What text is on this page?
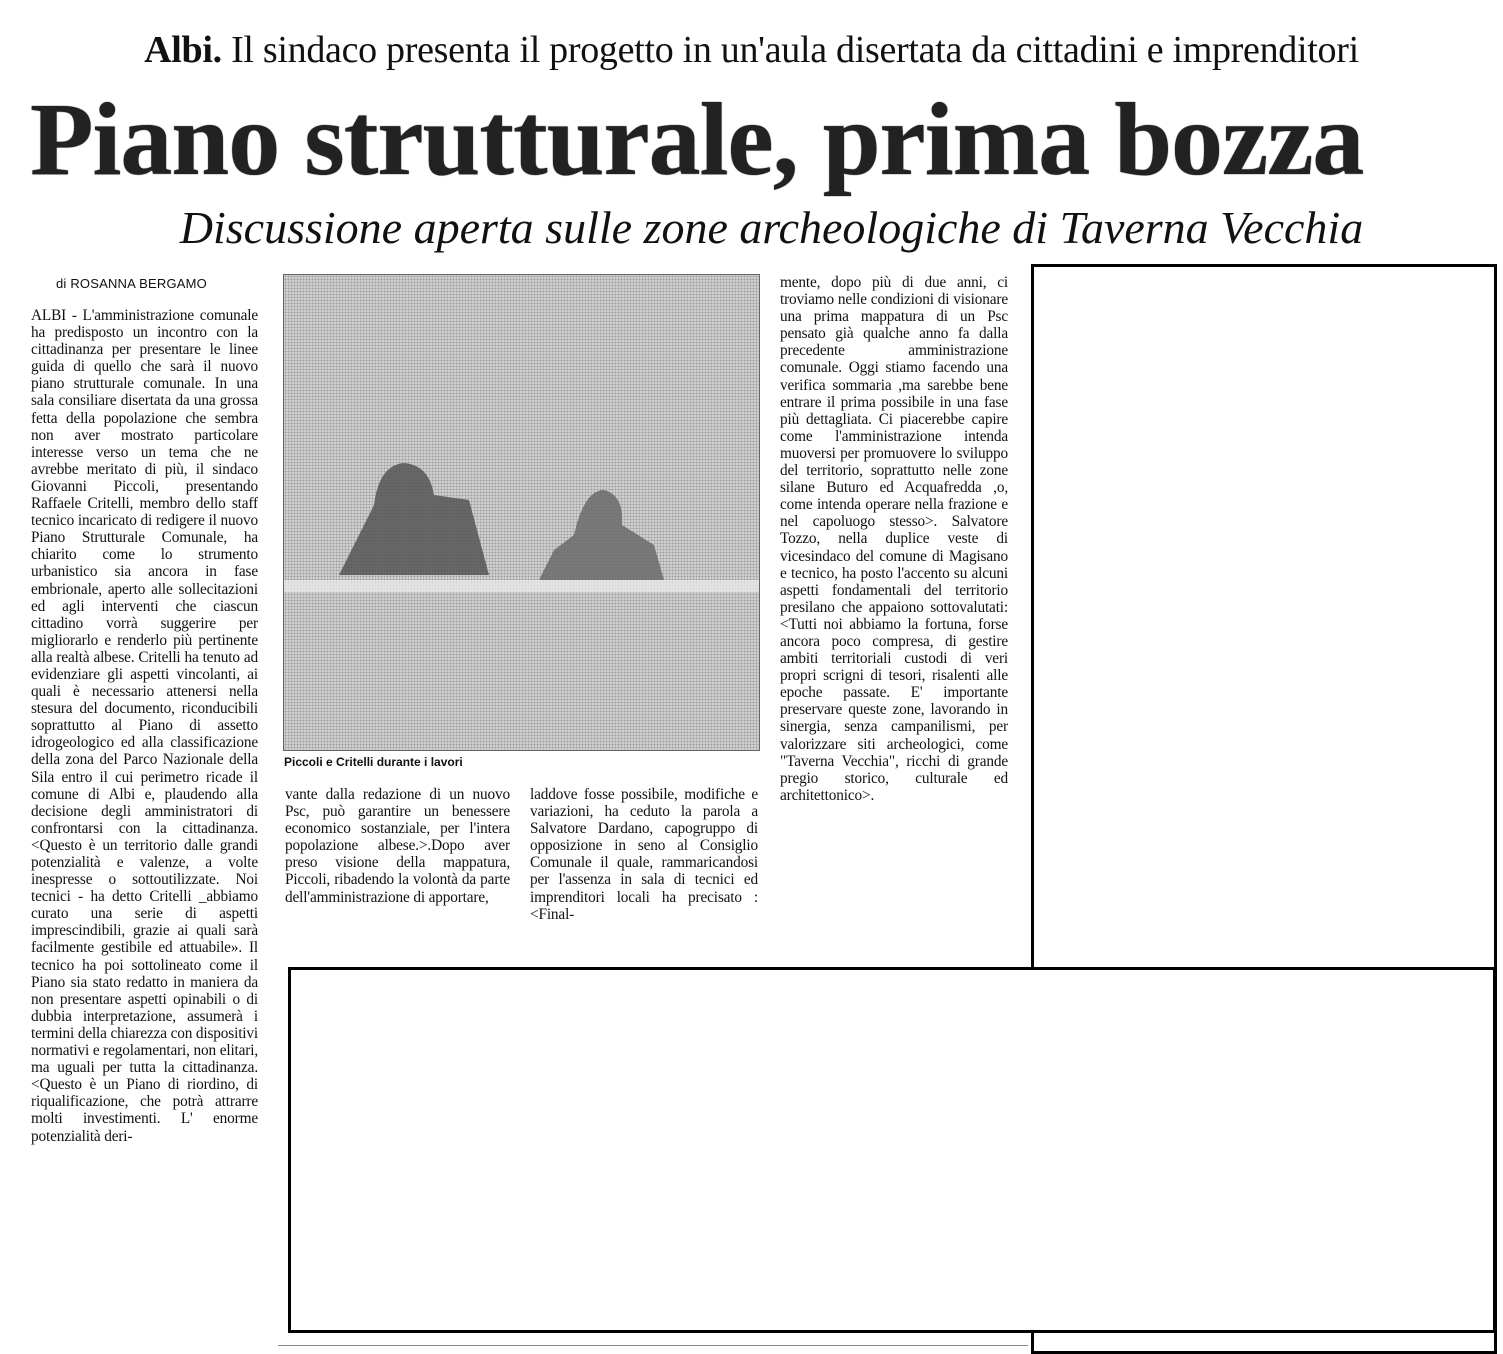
Albi. Il sindaco presenta il progetto in un'aula disertata da cittadini e imprenditori
Piano strutturale, prima bozza
Discussione aperta sulle zone archeologiche di Taverna Vecchia
di ROSANNA BERGAMO
ALBI - L'amministrazione comunale ha predisposto un incontro con la cittadinanza per presentare le linee guida di quello che sarà il nuovo piano strutturale comunale. In una sala consiliare disertata da una grossa fetta della popolazione che sembra non aver mostrato particolare interesse verso un tema che ne avrebbe meritato di più, il sindaco Giovanni Piccoli, presentando Raffaele Critelli, membro dello staff tecnico incaricato di redigere il nuovo Piano Strutturale Comunale, ha chiarito come lo strumento urbanistico sia ancora in fase embrionale, aperto alle sollecitazioni ed agli interventi che ciascun cittadino vorrà suggerire per migliorarlo e renderlo più pertinente alla realtà albese. Critelli ha tenuto ad evidenziare gli aspetti vincolanti, ai quali è necessario attenersi nella stesura del documento, riconducibili soprattutto al Piano di assetto idrogeologico ed alla classificazione della zona del Parco Nazionale della Sila entro il cui perimetro ricade il comune di Albi e, plaudendo alla decisione degli amministratori di confrontarsi con la cittadinanza. <Questo è un territorio dalle grandi potenzialità e valenze, a volte inespresse o sottoutilizzate. Noi tecnici - ha detto Critelli _abbiamo curato una serie di aspetti imprescindibili, grazie ai quali sarà facilmente gestibile ed attuabile». Il tecnico ha poi sottolineato come il Piano sia stato redatto in maniera da non presentare aspetti opinabili o di dubbia interpretazione, assumerà i termini della chiarezza con dispositivi normativi e regolamentari, non elitari, ma uguali per tutta la cittadinanza.<Questo è un Piano di riordino, di riqualificazione, che potrà attrarre molti investimenti. L' enorme potenzialità deri-
Piccoli e Critelli durante i lavori
vante dalla redazione di un nuovo Psc, può garantire un benessere economico sostanziale, per l'intera popolazione albese.>.Dopo aver preso visione della mappatura, Piccoli, ribadendo la volontà da parte dell'amministrazione di apportare,
laddove fosse possibile, modifiche e variazioni, ha ceduto la parola a Salvatore Dardano, capogruppo di opposizione in seno al Consiglio Comunale il quale, rammaricandosi per l'assenza in sala di tecnici ed imprenditori locali ha precisato : <Final-
mente, dopo più di due anni, ci troviamo nelle condizioni di visionare una prima mappatura di un Psc pensato già qualche anno fa dalla precedente amministrazione comunale. Oggi stiamo facendo una verifica sommaria ,ma sarebbe bene entrare il prima possibile in una fase più dettagliata. Ci piacerebbe capire come l'amministrazione intenda muoversi per promuovere lo sviluppo del territorio, soprattutto nelle zone silane Buturo ed Acquafredda ,o, come intenda operare nella frazione e nel capoluogo stesso>. Salvatore Tozzo, nella duplice veste di vicesindaco del comune di Magisano e tecnico, ha posto l'accento su alcuni aspetti fondamentali del territorio presilano che appaiono sottovalutati: <Tutti noi abbiamo la fortuna, forse ancora poco compresa, di gestire ambiti territoriali custodi di veri propri scrigni di tesori, risalenti alle epoche passate. E' importante preservare queste zone, lavorando in sinergia, senza campanilismi, per valorizzare siti archeologici, come "Taverna Vecchia", ricchi di grande pregio storico, culturale ed architettonico>.
